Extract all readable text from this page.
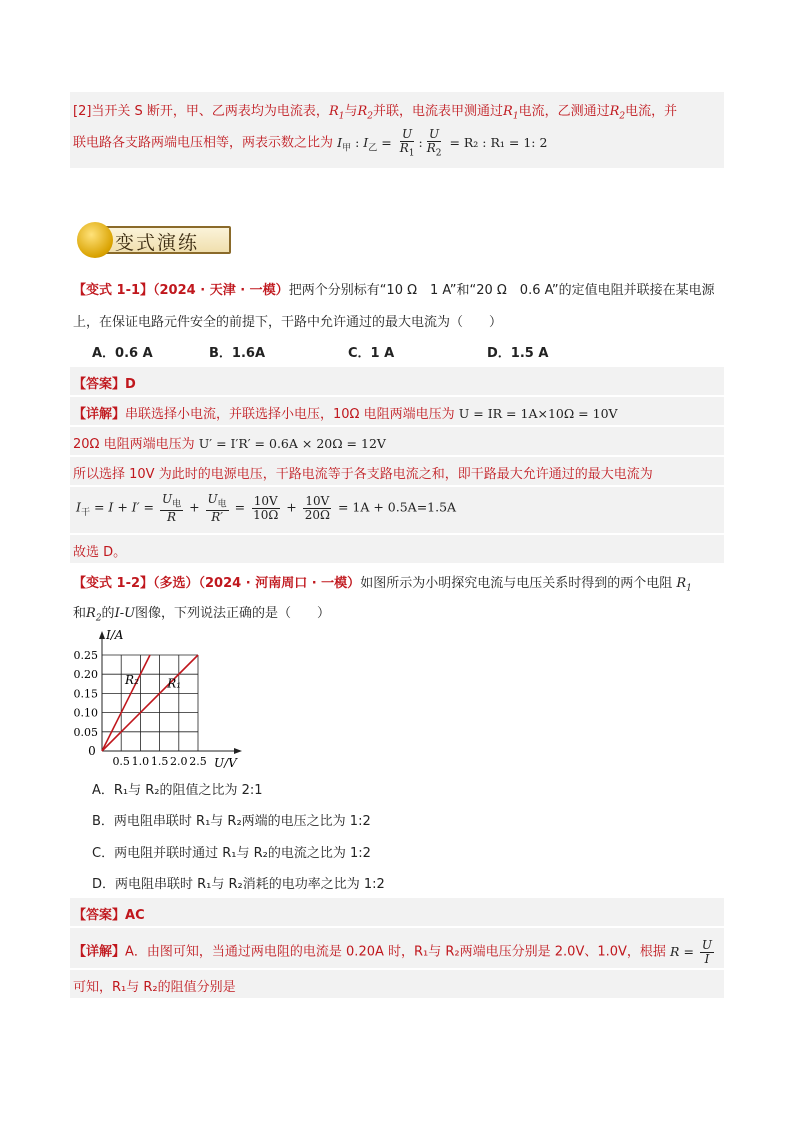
[2]当开关 S 断开，甲、乙两表均为电流表，$R_1$与$R_2$并联，电流表甲测通过$R_1$电流，乙测通过$R_2$电流，并
联电路各支路两端电压相等，两表示数之比为 $I_甲$ : $I_乙 = \frac{U}{R_1}$ : $\frac{U}{R_2} = R_2$ : R₁ = 1: 2
变式演练
【变式 1-1】（2024 · 天津 · 一模）把两个分别标有“10 Ω　1 A”和“20 Ω　0.6 A”的定值电阻并联接在某电源
上，在保证电路元件安全的前提下，干路中允许通过的最大电流为（　　）
A．0.6 A	B．1.6A	C．1 A	D．1.5 A
【答案】D
【详解】串联选择小电流，并联选择小电压，10Ω 电阻两端电压为 U = IR = 1A×10Ω = 10V
20Ω 电阻两端电压为 U′ = I′R′ = 0.6A × 20Ω = 12V
所以选择 10V 为此时的电源电压，干路电流等于各支路电流之和，即干路最大允许通过的最大电流为
$I_干 = I + I' = \frac{U_电}{R} + \frac{U_电}{R'} = \frac{10V}{10\Omega} + \frac{10V}{20\Omega} = 1A + 0.5A=1.5A$
故选 D。
【变式 1-2】（多选）（2024 · 河南周口 · 一模）如图所示为小明探究电流与电压关系时得到的两个电阻 $R_1$
和$R_2$的I-U图像，下列说法正确的是（　　）
I/A
U/V
0
0.5 1.0 1.5 2.0 2.5
0.25
0.20
0.15
0.10
0.05
R₂ R₁
A．R₁与 R₂的阻值之比为 2:1
B．两电阻串联时 R₁与 R₂两端的电压之比为 1:2
C．两电阻并联时通过 R₁与 R₂的电流之比为 1:2
D．两电阻串联时 R₁与 R₂消耗的电功率之比为 1:2
【答案】AC
【详解】A．由图可知，当通过两电阻的电流是 0.20A 时，R₁与 R₂两端电压分别是 2.0V、1.0V，根据 $R = \frac{U}{I}$
可知，R₁与 R₂的阻值分别是
